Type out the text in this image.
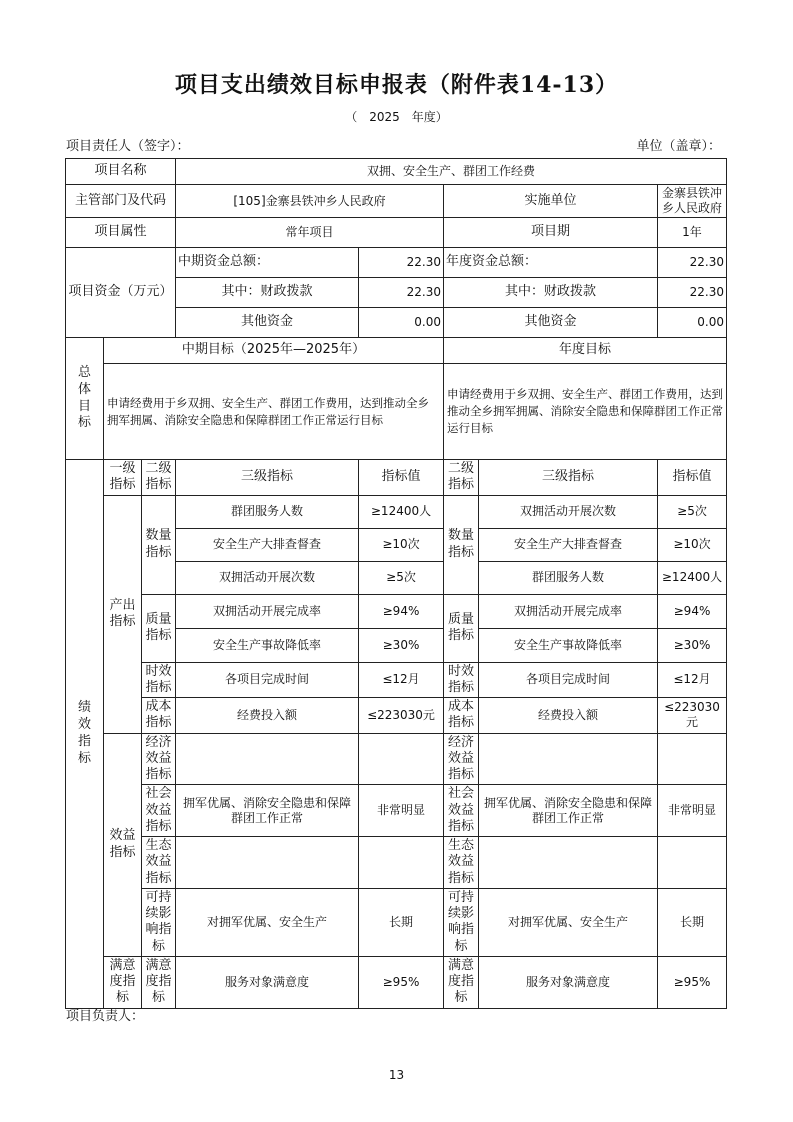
项目支出绩效目标申报表（附件表14-13）
（　2025　年度）
项目责任人（签字）：	单位（盖章）：
项目名称			双拥、安全生产、群团工作经费				
主管部门及代码			[105]金寨县铁冲乡人民政府		实施单位		金寨县铁冲乡人民政府
项目属性			常年项目		项目期		1年
项目资金（万元）			中期资金总额：	22.30	年度资金总额：		22.30
			其中：财政拨款	22.30	其中：财政拨款		22.30
			其他资金	0.00	其他资金		0.00

总体目标	中期目标（2025年—2025年）				年度目标		
	申请经费用于乡双拥、安全生产、群团工作费用，达到推动全乡拥军拥属、消除安全隐患和保障群团工作正常运行目标				申请经费用于乡双拥、安全生产、群团工作费用，达到推动全乡拥军拥属、消除安全隐患和保障群团工作正常运行目标		

绩效指标	一级指标	二级指标	三级指标	指标值	二级指标	三级指标	指标值
	产出指标	数量指标	群团服务人数	≥12400人	数量指标	双拥活动开展次数	≥5次
			安全生产大排查督查	≥10次		安全生产大排查督查	≥10次
			双拥活动开展次数	≥5次		群团服务人数	≥12400人
		质量指标	双拥活动开展完成率	≥94%	质量指标	双拥活动开展完成率	≥94%
			安全生产事故降低率	≥30%		安全生产事故降低率	≥30%
		时效指标	各项目完成时间	≤12月	时效指标	各项目完成时间	≤12月
		成本指标	经费投入额	≤223030元	成本指标	经费投入额	≤223030元
	效益指标	经济效益指标			经济效益指标		
		社会效益指标	拥军优属、消除安全隐患和保障群团工作正常	非常明显	社会效益指标	拥军优属、消除安全隐患和保障群团工作正常	非常明显
		生态效益指标			生态效益指标		
		可持续影响指标	对拥军优属、安全生产	长期	可持续影响指标	对拥军优属、安全生产	长期
	满意度指标	满意度指标	服务对象满意度	≥95%	满意度指标	服务对象满意度	≥95%
项目负责人：
13
